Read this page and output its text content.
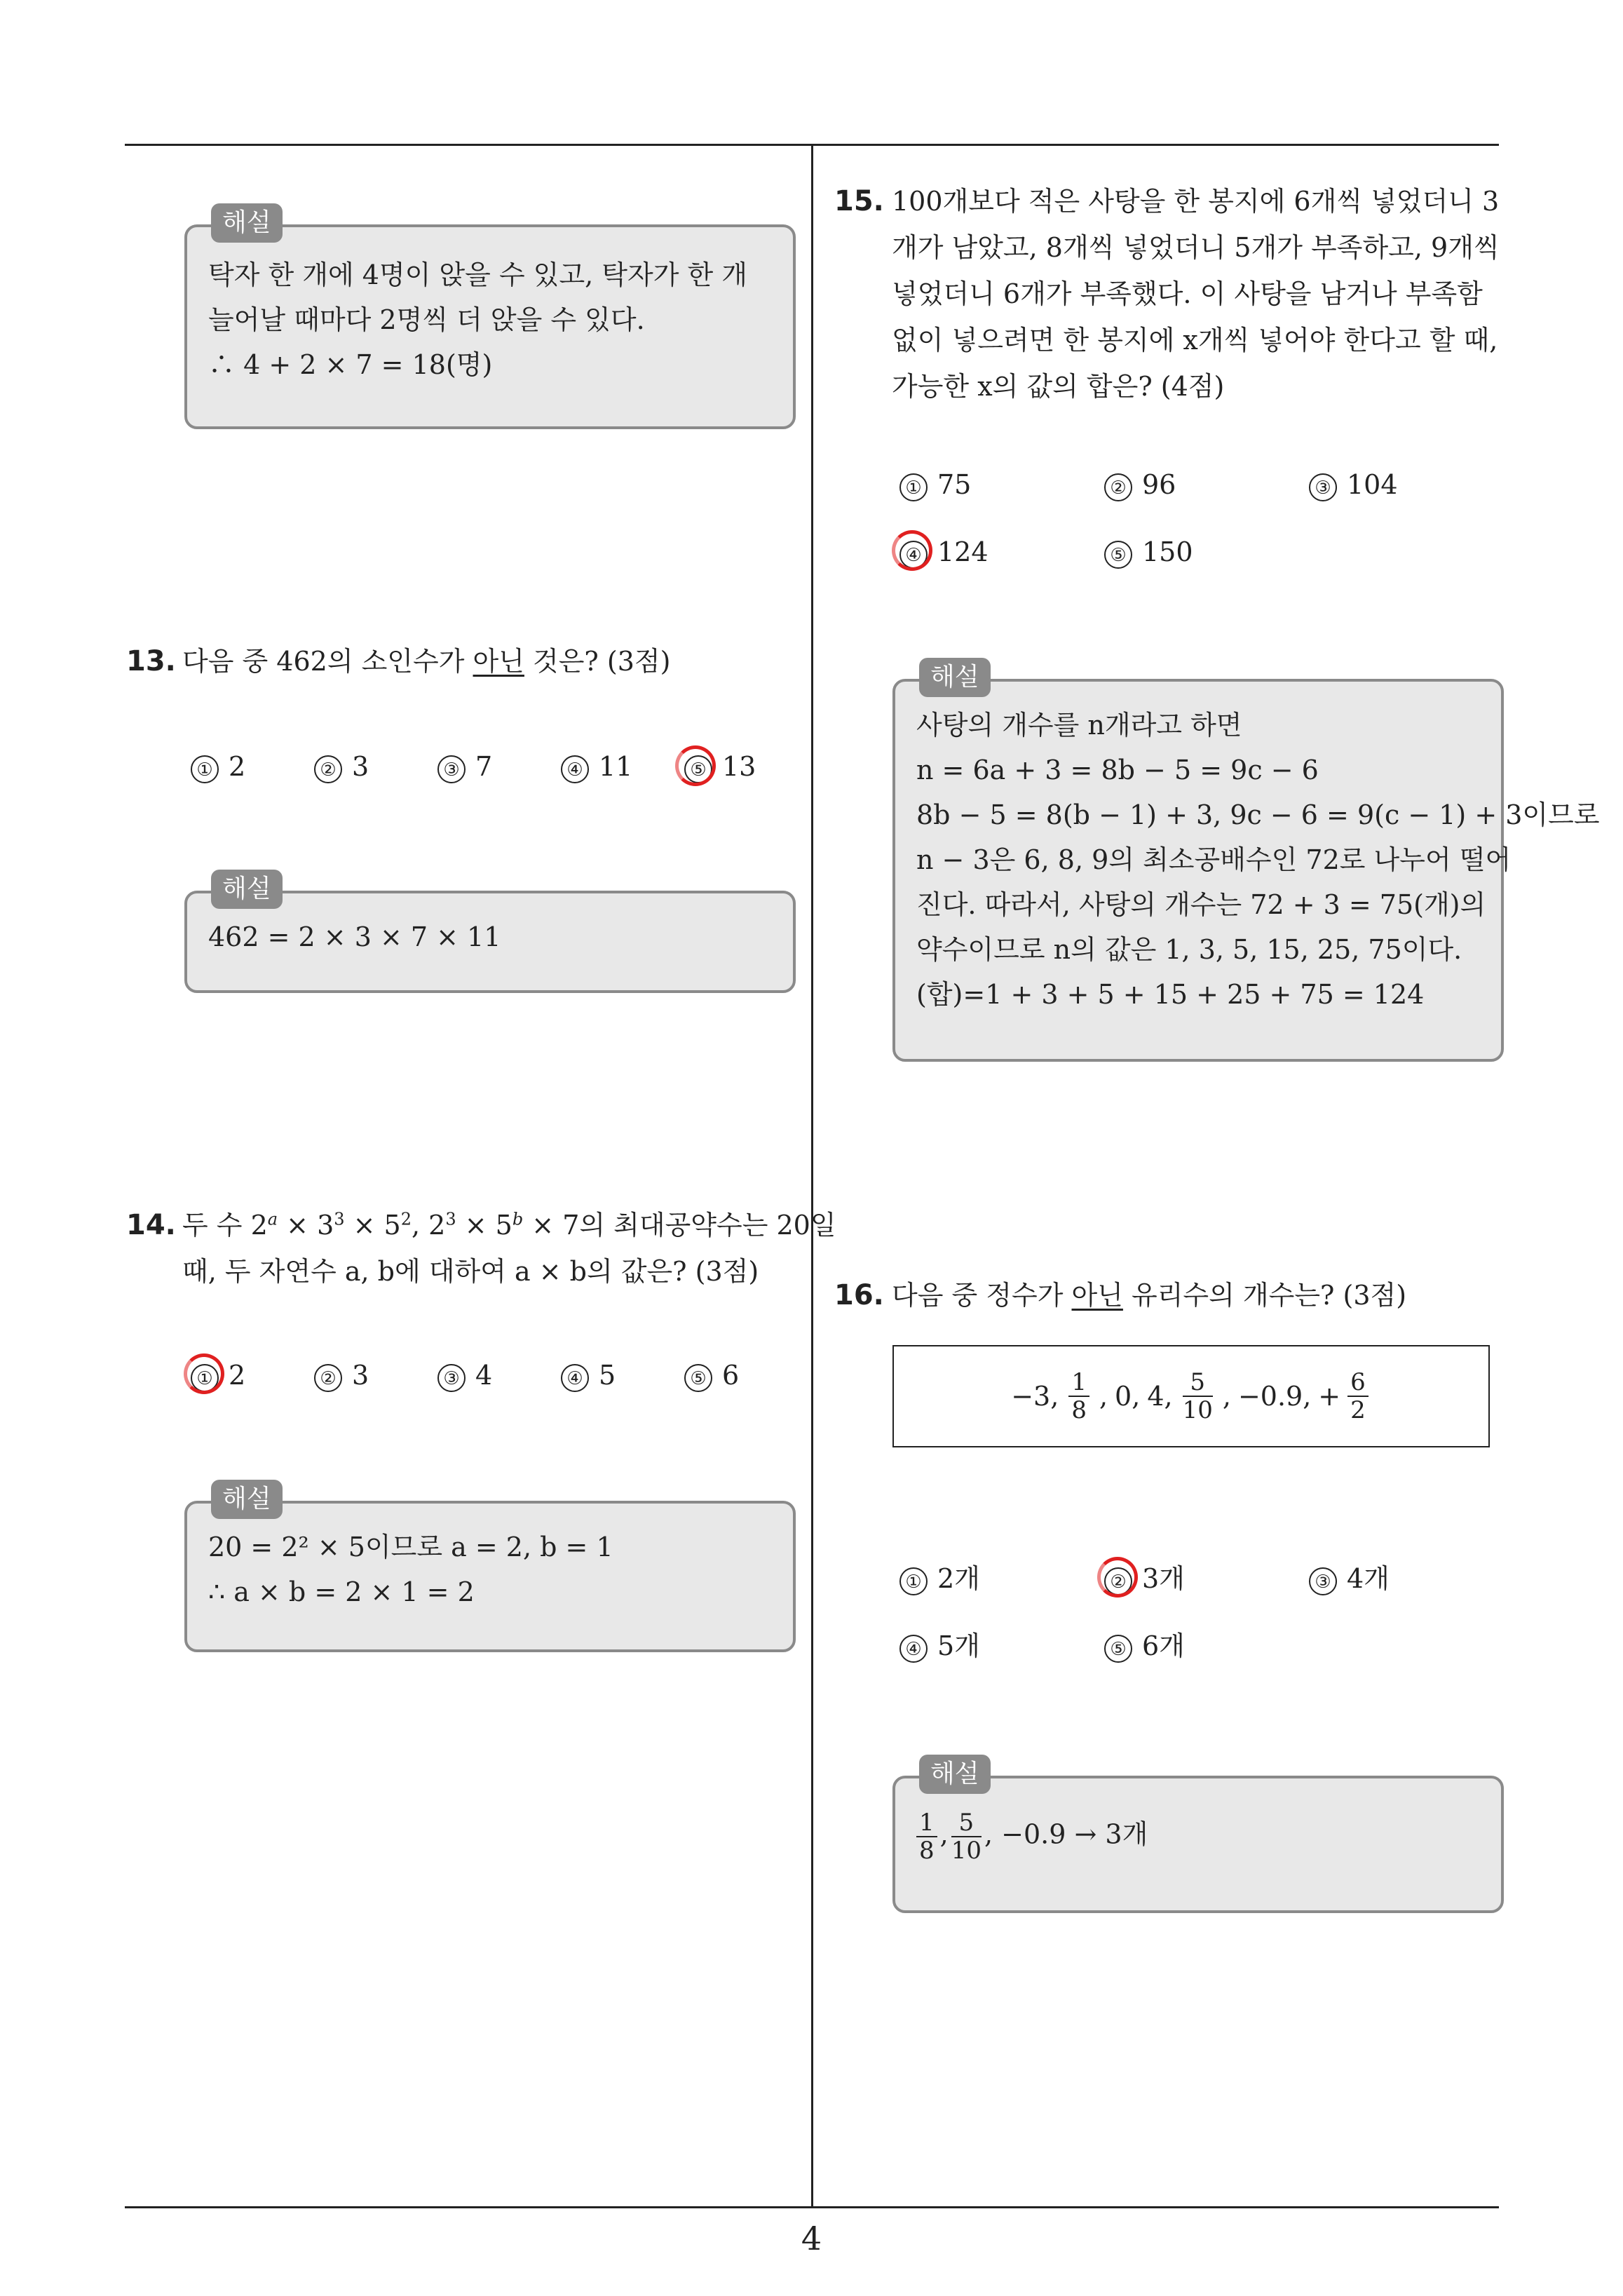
해설
탁자 한 개에 4명이 앉을 수 있고, 탁자가 한 개
늘어날 때마다 2명씩 더 앉을 수 있다.
∴ 4 + 2 × 7 = 18(명)
13. 다음 중 462의 소인수가 아닌 것은? (3점)
① 2	② 3	③ 7	④ 11	⑤ 13
해설
462 = 2 × 3 × 7 × 11
14. 두 수 $2^a \times 3^3 \times 5^2$, $2^3 \times 5^b \times 7$의 최대공약수는 20일
때, 두 자연수 a, b에 대하여 a × b의 값은? (3점)
① 2	② 3	③ 4	④ 5	⑤ 6
해설
20 = 2² × 5이므로 a = 2, b = 1
∴ a × b = 2 × 1 = 2
15. 100개보다 적은 사탕을 한 봉지에 6개씩 넣었더니 3
개가 남았고, 8개씩 넣었더니 5개가 부족하고, 9개씩
넣었더니 6개가 부족했다. 이 사탕을 남거나 부족함
없이 넣으려면 한 봉지에 x개씩 넣어야 한다고 할 때,
가능한 x의 값의 합은? (4점)
① 75	② 96	③ 104
④ 124	⑤ 150
해설
사탕의 개수를 n개라고 하면
n = 6a + 3 = 8b − 5 = 9c − 6
8b − 5 = 8(b − 1) + 3, 9c − 6 = 9(c − 1) + 3이므로
n − 3은 6, 8, 9의 최소공배수인 72로 나누어 떨어
진다. 따라서, 사탕의 개수는 72 + 3 = 75(개)의
약수이므로 n의 값은 1, 3, 5, 15, 25, 75이다.
(합)=1 + 3 + 5 + 15 + 25 + 75 = 124
16. 다음 중 정수가 아닌 유리수의 개수는? (3점)
−3, $\frac{1}{8}$ , 0, 4, $\frac{5}{10}$ , −0.9, + $\frac{6}{2}$
① 2개	② 3개	③ 4개
④ 5개	⑤ 6개
해설
$\frac{1}{8}$ , $\frac{5}{10}$ , −0.9 → 3개
4
